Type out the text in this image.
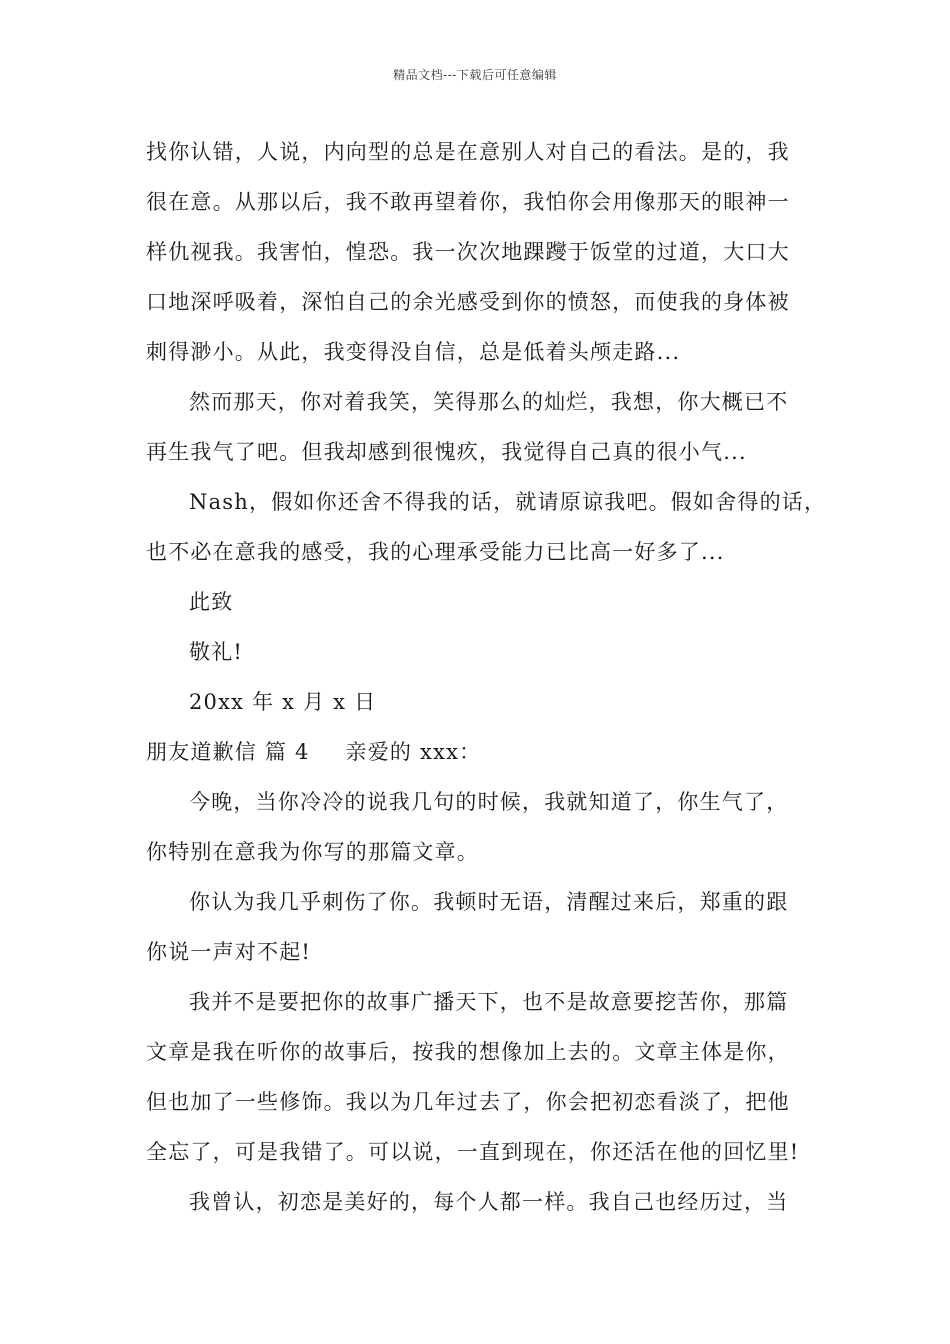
精品文档---下载后可任意编辑
找你认错，人说，内向型的总是在意别人对自己的看法。是的，我
很在意。从那以后，我不敢再望着你，我怕你会用像那天的眼神一
样仇视我。我害怕，惶恐。我一次次地踝躞于饭堂的过道，大口大
口地深呼吸着，深怕自己的余光感受到你的愤怒，而使我的身体被
刺得渺小。从此，我变得没自信，总是低着头颅走路...
然而那天，你对着我笑，笑得那么的灿烂，我想，你大概已不
再生我气了吧。但我却感到很愧疚，我觉得自己真的很小气...
Nash，假如你还舍不得我的话，就请原谅我吧。假如舍得的话，
也不必在意我的感受，我的心理承受能力已比高一好多了...
此致
敬礼!
20xx 年 x 月 x 日
朋友道歉信 篇 4 亲爱的 xxx：
今晚，当你冷冷的说我几句的时候，我就知道了，你生气了，
你特别在意我为你写的那篇文章。
你认为我几乎刺伤了你。我顿时无语，清醒过来后，郑重的跟
你说一声对不起!
我并不是要把你的故事广播天下，也不是故意要挖苦你，那篇
文章是我在听你的故事后，按我的想像加上去的。文章主体是你，
但也加了一些修饰。我以为几年过去了，你会把初恋看淡了，把他
全忘了，可是我错了。可以说，一直到现在，你还活在他的回忆里!
我曾认，初恋是美好的，每个人都一样。我自己也经历过，当
